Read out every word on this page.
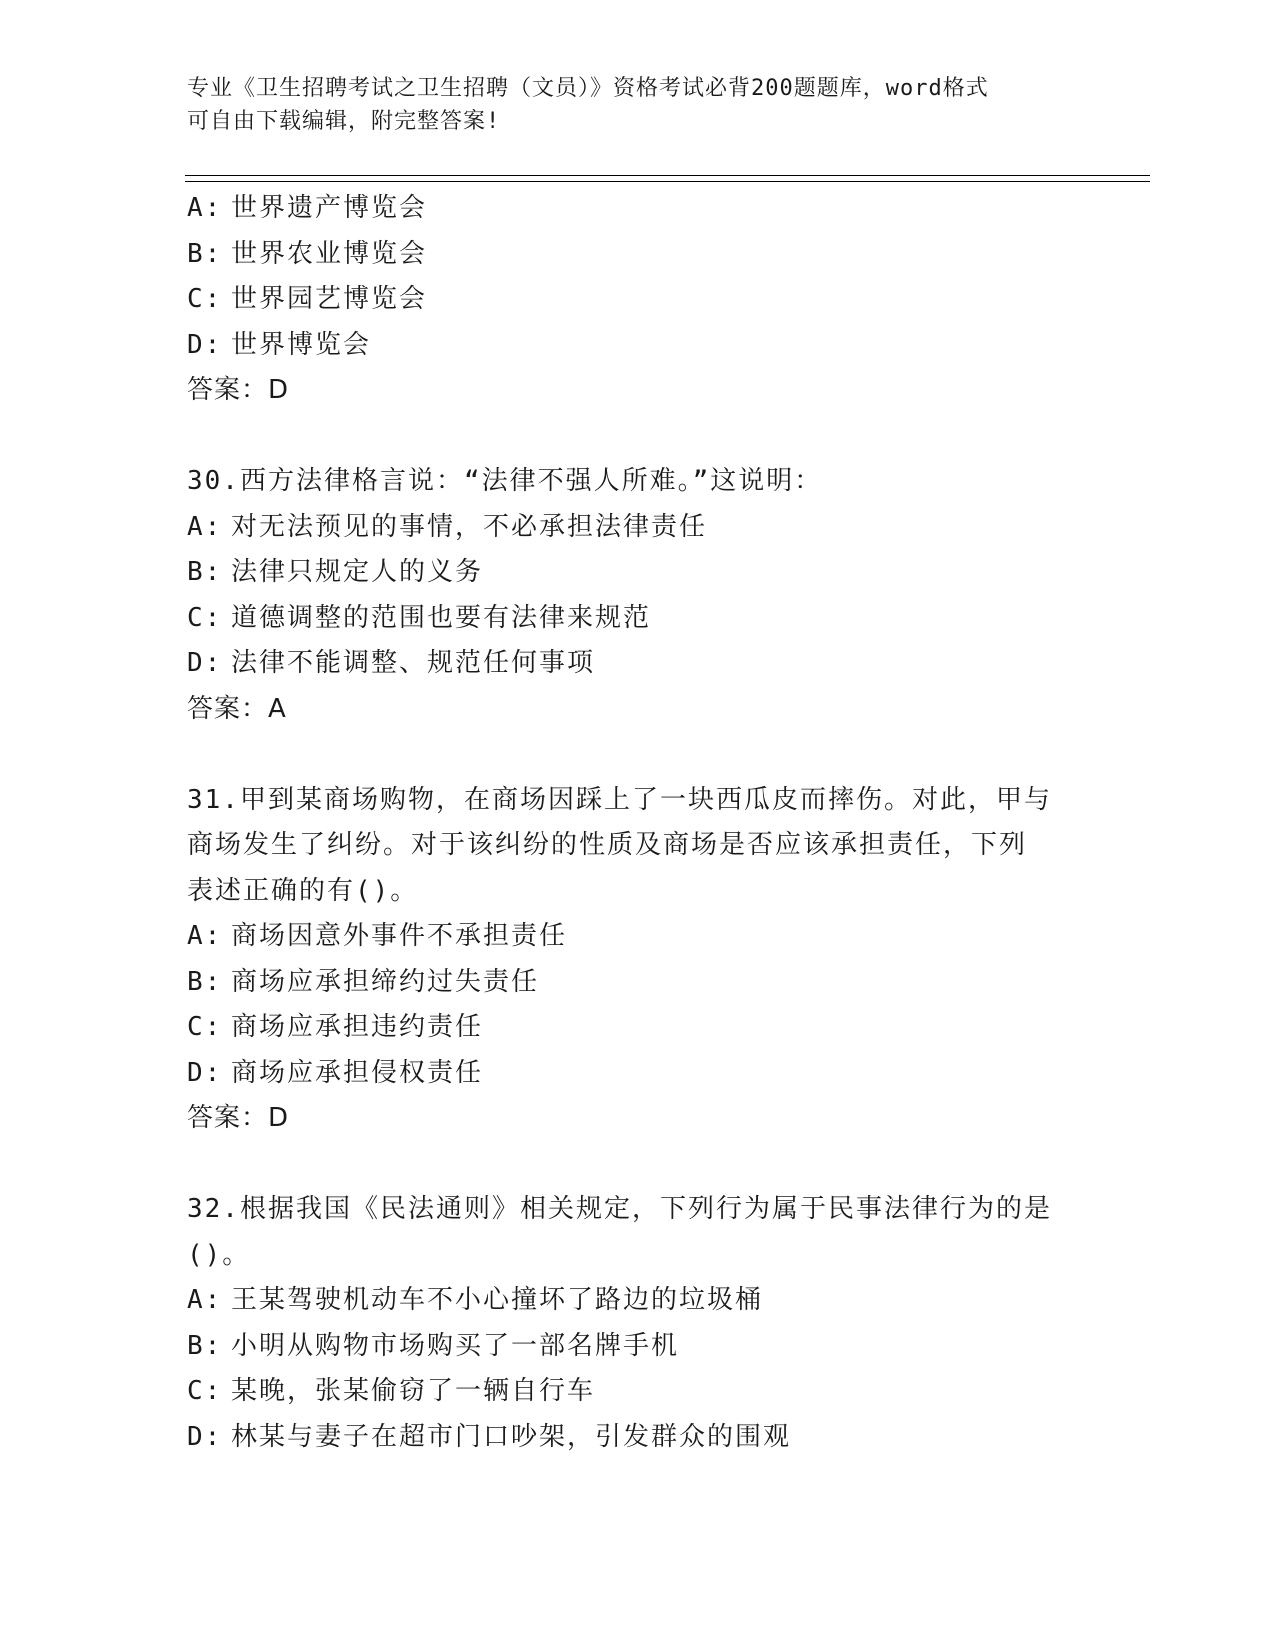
专业《卫生招聘考试之卫生招聘（文员）》资格考试必背200题题库，word格式
可自由下载编辑，附完整答案!
A: 世界遗产博览会
B: 世界农业博览会
C: 世界园艺博览会
D: 世界博览会
答案：D
30.西方法律格言说：“法律不强人所难。”这说明：
A: 对无法预见的事情，不必承担法律责任
B: 法律只规定人的义务
C: 道德调整的范围也要有法律来规范
D: 法律不能调整、规范任何事项
答案：A
31.甲到某商场购物，在商场因踩上了一块西瓜皮而摔伤。对此，甲与
商场发生了纠纷。对于该纠纷的性质及商场是否应该承担责任，下列
表述正确的有()。
A: 商场因意外事件不承担责任
B: 商场应承担缔约过失责任
C: 商场应承担违约责任
D: 商场应承担侵权责任
答案：D
32.根据我国《民法通则》相关规定，下列行为属于民事法律行为的是
()。
A: 王某驾驶机动车不小心撞坏了路边的垃圾桶
B: 小明从购物市场购买了一部名牌手机
C: 某晚，张某偷窃了一辆自行车
D: 林某与妻子在超市门口吵架，引发群众的围观
